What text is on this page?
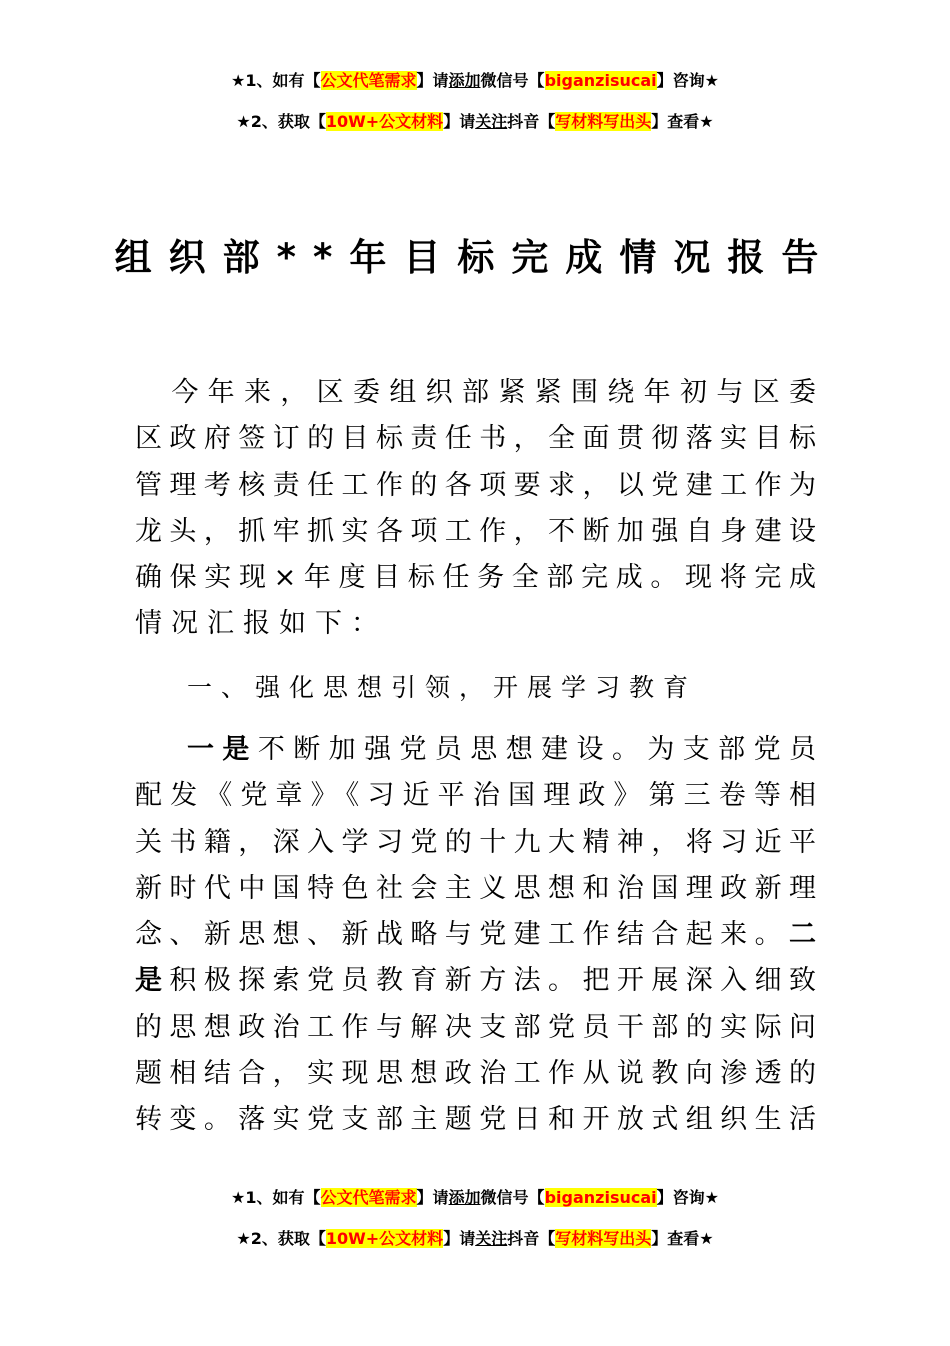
★1、如有【公文代笔需求】请添加微信号【biganzisucai】咨询★
★2、获取【10W+公文材料】请关注抖音【写材料写出头】查看★
组织部**年目标完成情况报告
　今年来，区委组织部紧紧围绕年初与区委
区政府签订的目标责任书，全面贯彻落实目标
管理考核责任工作的各项要求，以党建工作为
龙头，抓牢抓实各项工作，不断加强自身建设
确保实现×年度目标任务全部完成。现将完成
情况汇报如下：
一、强化思想引领，开展学习教育
一是不断加强党员思想建设。为支部党员
配发《党章》《习近平治国理政》第三卷等相
关书籍，深入学习党的十九大精神，将习近平
新时代中国特色社会主义思想和治国理政新理
念、新思想、新战略与党建工作结合起来。二
是积极探索党员教育新方法。把开展深入细致
的思想政治工作与解决支部党员干部的实际问
题相结合，实现思想政治工作从说教向渗透的
转变。落实党支部主题党日和开放式组织生活
★1、如有【公文代笔需求】请添加微信号【biganzisucai】咨询★
★2、获取【10W+公文材料】请关注抖音【写材料写出头】查看★
